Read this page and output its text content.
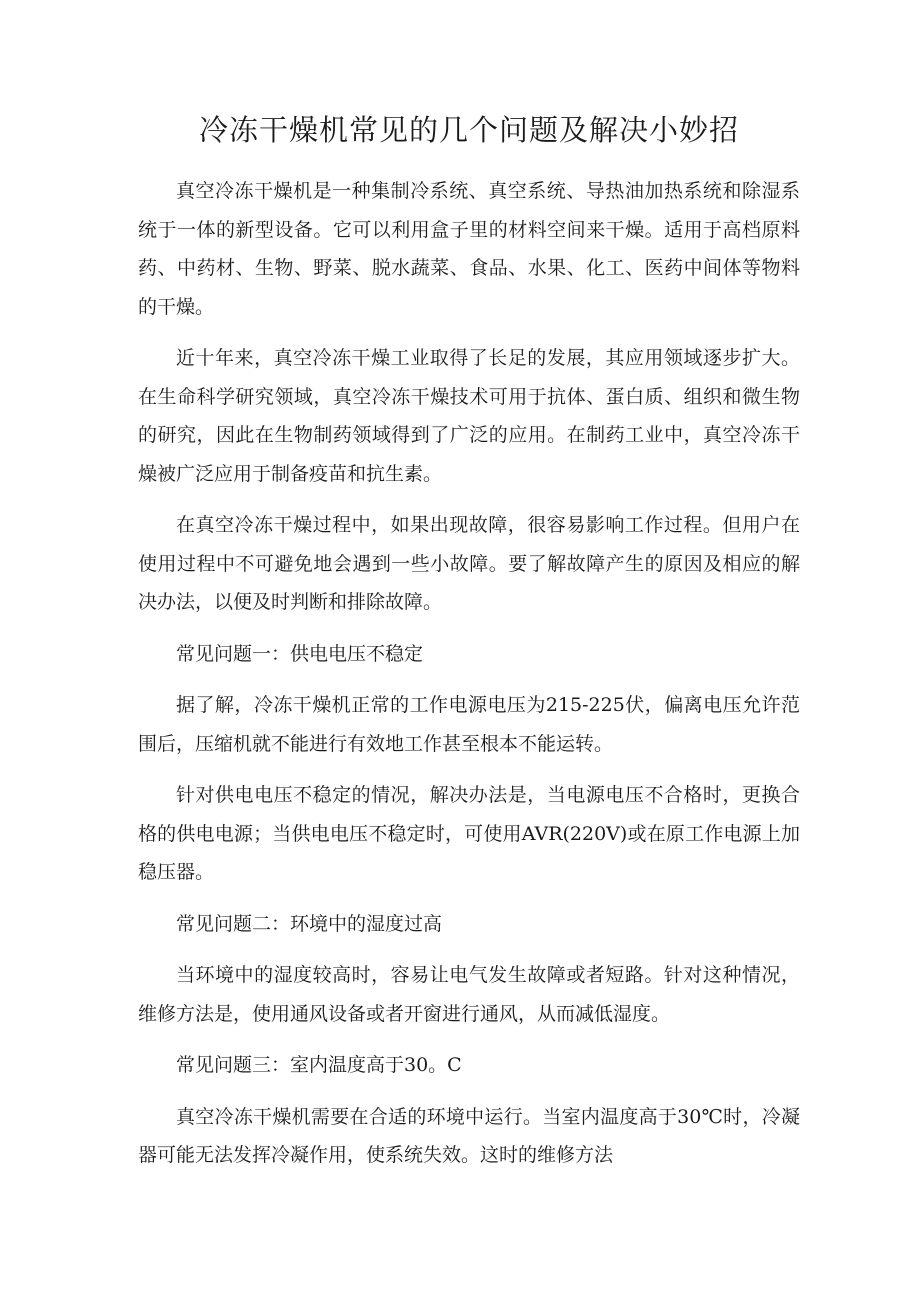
冷冻干燥机常见的几个问题及解决小妙招

真空冷冻干燥机是一种集制冷系统、真空系统、导热油加热系统和除湿系统于一体的新型设备。它可以利用盒子里的材料空间来干燥。适用于高档原料药、中药材、生物、野菜、脱水蔬菜、食品、水果、化工、医药中间体等物料的干燥。

近十年来，真空冷冻干燥工业取得了长足的发展，其应用领域逐步扩大。在生命科学研究领域，真空冷冻干燥技术可用于抗体、蛋白质、组织和微生物的研究，因此在生物制药领域得到了广泛的应用。在制药工业中，真空冷冻干燥被广泛应用于制备疫苗和抗生素。

在真空冷冻干燥过程中，如果出现故障，很容易影响工作过程。但用户在使用过程中不可避免地会遇到一些小故障。要了解故障产生的原因及相应的解决办法，以便及时判断和排除故障。

常见问题一：供电电压不稳定

据了解，冷冻干燥机正常的工作电源电压为215-225伏，偏离电压允许范围后，压缩机就不能进行有效地工作甚至根本不能运转。

针对供电电压不稳定的情况，解决办法是，当电源电压不合格时，更换合格的供电电源；当供电电压不稳定时，可使用AVR(220V)或在原工作电源上加稳压器。

常见问题二：环境中的湿度过高

当环境中的湿度较高时，容易让电气发生故障或者短路。针对这种情况，维修方法是，使用通风设备或者开窗进行通风，从而减低湿度。

常见问题三：室内温度高于30。C

真空冷冻干燥机需要在合适的环境中运行。当室内温度高于30℃时，冷凝器可能无法发挥冷凝作用，使系统失效。这时的维修方法
